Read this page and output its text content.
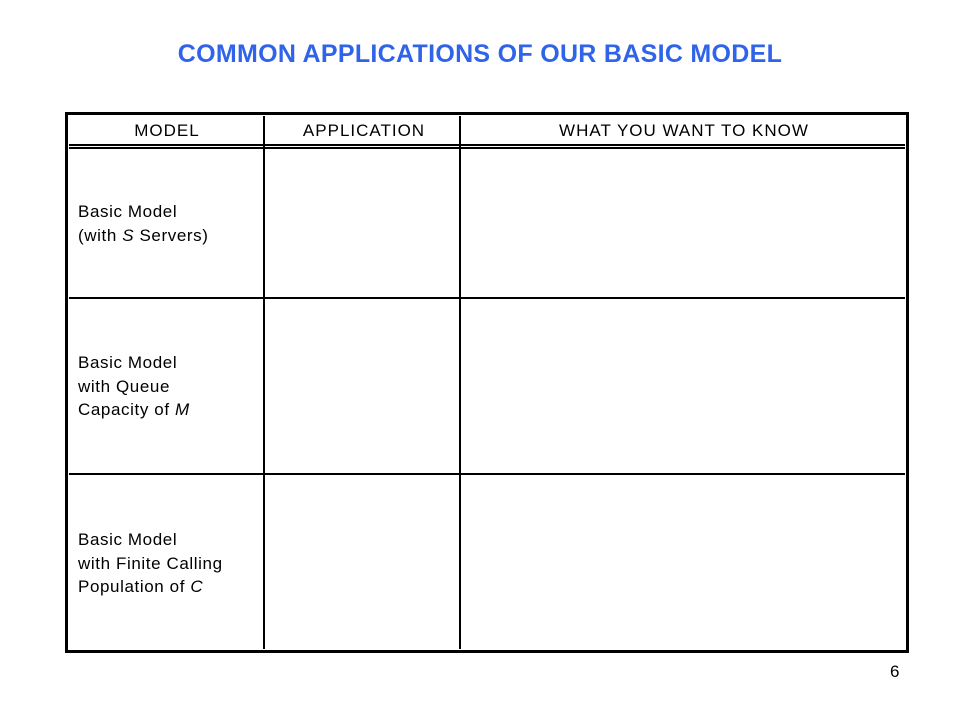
COMMON APPLICATIONS OF OUR BASIC MODEL
MODEL	APPLICATION	WHAT YOU WANT TO KNOW
Basic Model
(with S Servers)
Basic Model
with Queue
Capacity of M
Basic Model
with Finite Calling
Population of C
6
